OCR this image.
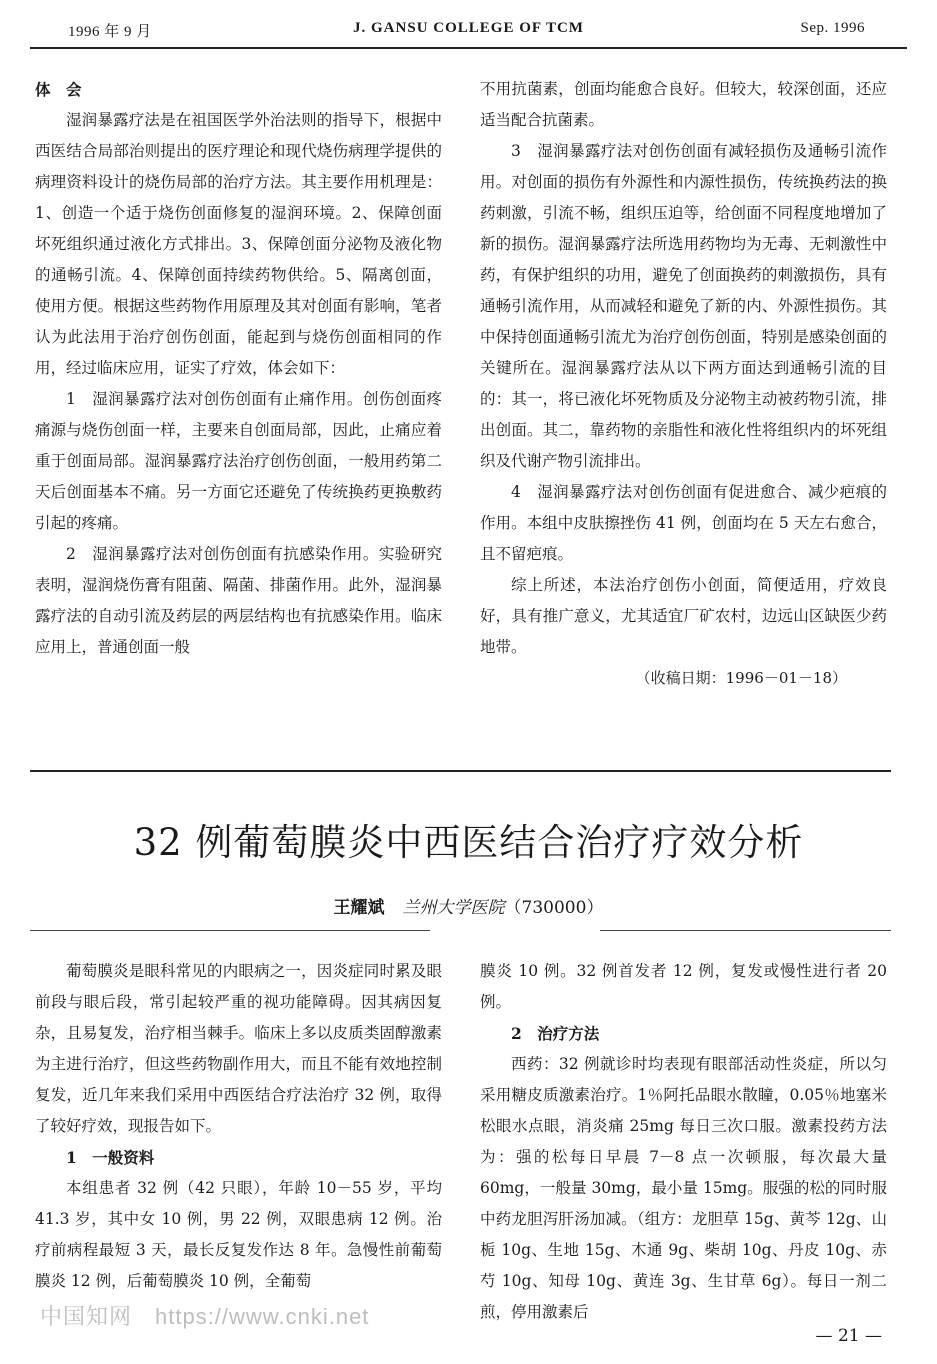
1996 年 9 月	J. GANSU COLLEGE OF TCM	Sep. 1996
体　会

湿润暴露疗法是在祖国医学外治法则的指导下，根据中西医结合局部治则提出的医疗理论和现代烧伤病理学提供的病理资料设计的烧伤局部的治疗方法。其主要作用机理是：1、创造一个适于烧伤创面修复的湿润环境。2、保障创面坏死组织通过液化方式排出。3、保障创面分泌物及液化物的通畅引流。4、保障创面持续药物供给。5、隔离创面，使用方便。根据这些药物作用原理及其对创面有影响，笔者认为此法用于治疗创伤创面，能起到与烧伤创面相同的作用，经过临床应用，证实了疗效，体会如下：

1　湿润暴露疗法对创伤创面有止痛作用。创伤创面疼痛源与烧伤创面一样，主要来自创面局部，因此，止痛应着重于创面局部。湿润暴露疗法治疗创伤创面，一般用药第二天后创面基本不痛。另一方面它还避免了传统换药更换敷药引起的疼痛。

2　湿润暴露疗法对创伤创面有抗感染作用。实验研究表明，湿润烧伤膏有阻菌、隔菌、排菌作用。此外，湿润暴露疗法的自动引流及药层的两层结构也有抗感染作用。临床应用上，普通创面一般

不用抗菌素，创面均能愈合良好。但较大，较深创面，还应适当配合抗菌素。

3　湿润暴露疗法对创伤创面有减轻损伤及通畅引流作用。对创面的损伤有外源性和内源性损伤，传统换药法的换药刺激，引流不畅，组织压迫等，给创面不同程度地增加了新的损伤。湿润暴露疗法所选用药物均为无毒、无刺激性中药，有保护组织的功用，避免了创面换药的刺激损伤，具有通畅引流作用，从而减轻和避免了新的内、外源性损伤。其中保持创面通畅引流尤为治疗创伤创面，特别是感染创面的关键所在。湿润暴露疗法从以下两方面达到通畅引流的目的：其一，将已液化坏死物质及分泌物主动被药物引流，排出创面。其二，靠药物的亲脂性和液化性将组织内的坏死组织及代谢产物引流排出。

4　湿润暴露疗法对创伤创面有促进愈合、减少疤痕的作用。本组中皮肤擦挫伤 41 例，创面均在 5 天左右愈合，且不留疤痕。

综上所述，本法治疗创伤小创面，简便适用，疗效良好，具有推广意义，尤其适宜厂矿农村，边远山区缺医少药地带。

（收稿日期：1996－01－18）
32 例葡萄膜炎中西医结合治疗疗效分析
王耀斌 兰州大学医院（730000）

葡萄膜炎是眼科常见的内眼病之一，因炎症同时累及眼前段与眼后段，常引起较严重的视功能障碍。因其病因复杂，且易复发，治疗相当棘手。临床上多以皮质类固醇激素为主进行治疗，但这些药物副作用大，而且不能有效地控制复发，近几年来我们采用中西医结合疗法治疗 32 例，取得了较好疗效，现报告如下。

1　一般资料

本组患者 32 例（42 只眼），年龄 10－55 岁，平均 41.3 岁，其中女 10 例，男 22 例，双眼患病 12 例。治疗前病程最短 3 天，最长反复发作达 8 年。急慢性前葡萄膜炎 12 例，后葡萄膜炎 10 例，全葡萄

膜炎 10 例。32 例首发者 12 例，复发或慢性进行者 20 例。

2　治疗方法

西药：32 例就诊时均表现有眼部活动性炎症，所以匀采用糖皮质激素治疗。1％阿托品眼水散瞳，0.05％地塞米松眼水点眼，消炎痛 25mg 每日三次口服。激素投药方法为：强的松每日早晨 7－8 点一次顿服，每次最大量 60mg，一般量 30mg，最小量 15mg。服强的松的同时服中药龙胆泻肝汤加减。（组方：龙胆草 15g、黄芩 12g、山栀 10g、生地 15g、木通 9g、柴胡 10g、丹皮 10g、赤芍 10g、知母 10g、黄连 3g、生甘草 6g）。每日一剂二煎，停用激素后

中国知网　https://www.cnki.net
— 21 —
